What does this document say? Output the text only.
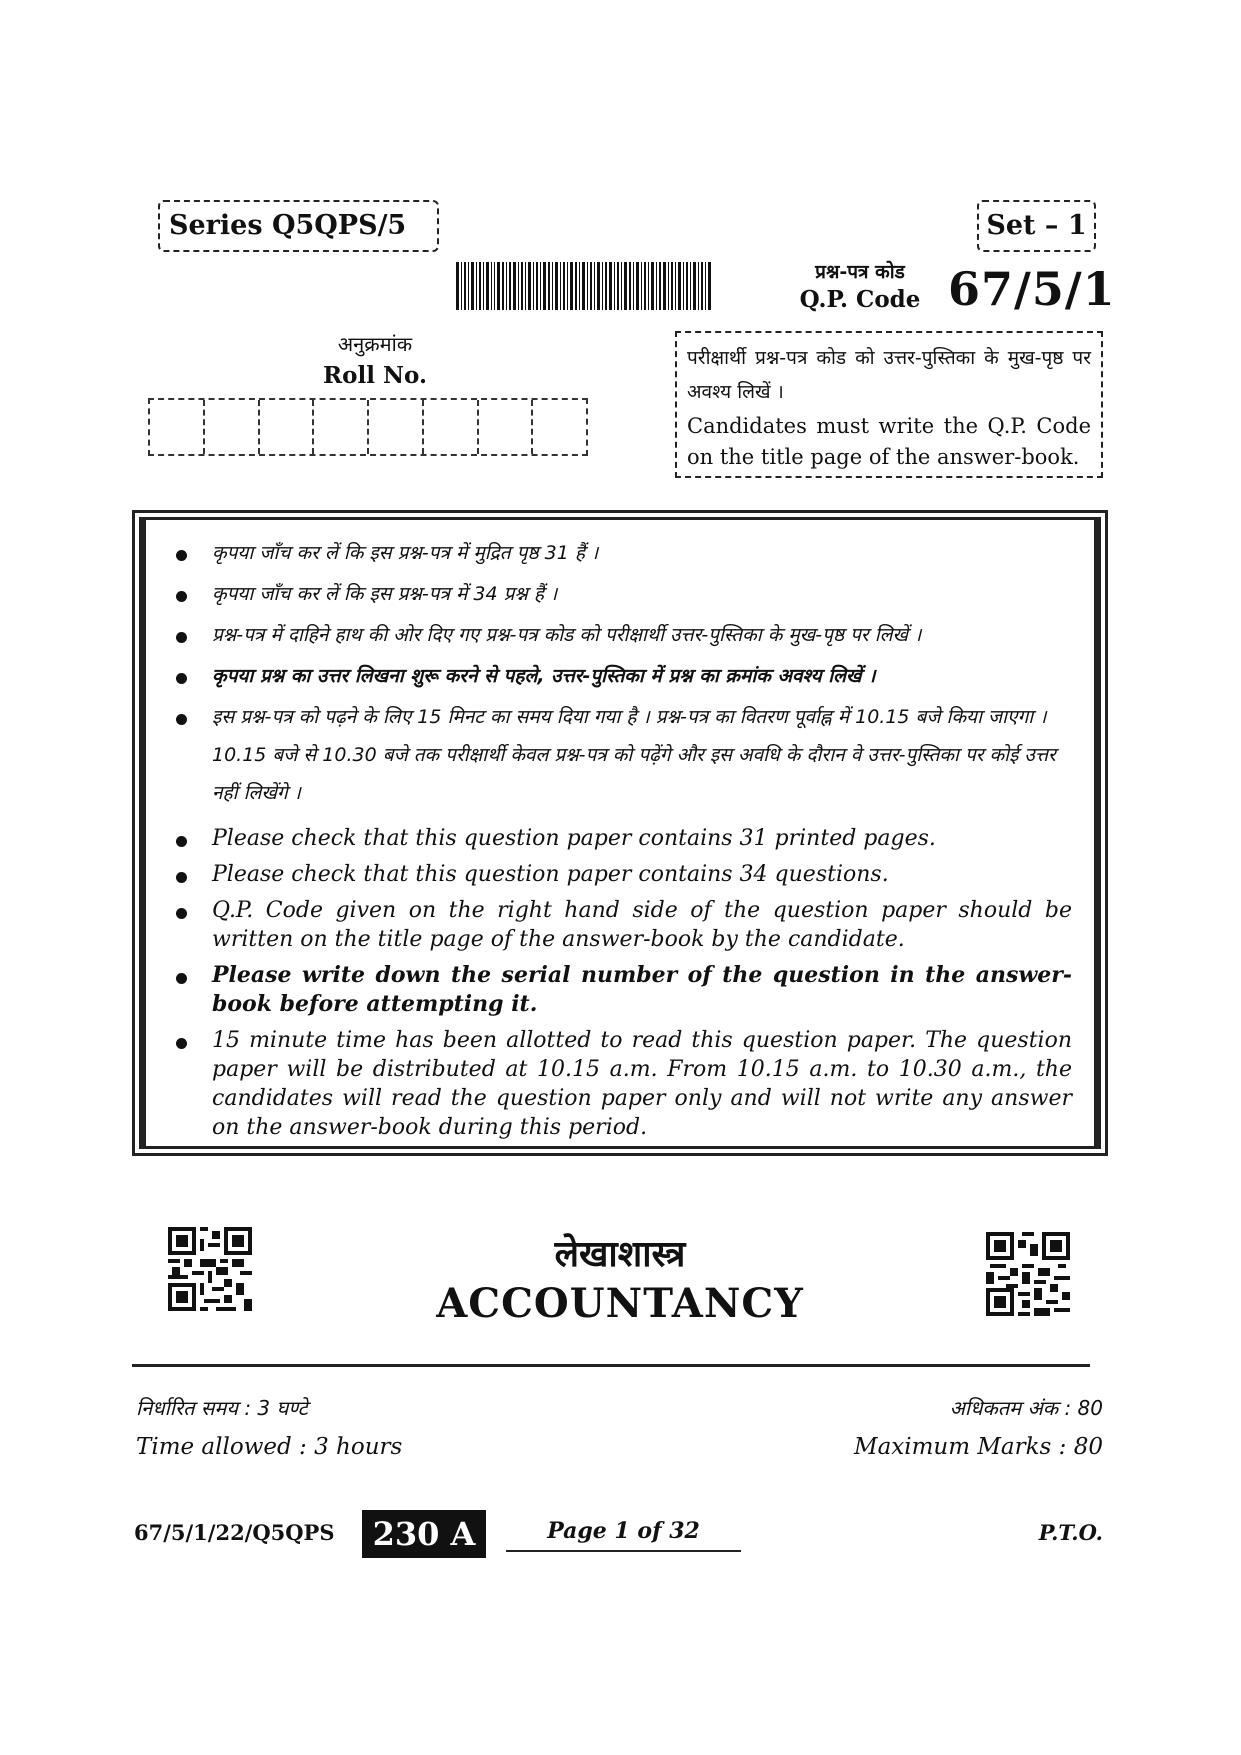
Series Q5QPS/5	Set – 1
प्रश्न-पत्र कोड
Q.P. Code 67/5/1
अनुक्रमांक
Roll No.
परीक्षार्थी प्रश्न-पत्र कोड को उत्तर-पुस्तिका के मुख-पृष्ठ पर अवश्य लिखें ।
Candidates must write the Q.P. Code on the title page of the answer-book.
कृपया जाँच कर लें कि इस प्रश्न-पत्र में मुद्रित पृष्ठ 31 हैं ।
कृपया जाँच कर लें कि इस प्रश्न-पत्र में 34 प्रश्न हैं ।
प्रश्न-पत्र में दाहिने हाथ की ओर दिए गए प्रश्न-पत्र कोड को परीक्षार्थी उत्तर-पुस्तिका के मुख-पृष्ठ पर लिखें ।
कृपया प्रश्न का उत्तर लिखना शुरू करने से पहले, उत्तर-पुस्तिका में प्रश्न का क्रमांक अवश्य लिखें ।
इस प्रश्न-पत्र को पढ़ने के लिए 15 मिनट का समय दिया गया है । प्रश्न-पत्र का वितरण पूर्वाह्न में 10.15 बजे किया जाएगा । 10.15 बजे से 10.30 बजे तक परीक्षार्थी केवल प्रश्न-पत्र को पढ़ेंगे और इस अवधि के दौरान वे उत्तर-पुस्तिका पर कोई उत्तर नहीं लिखेंगे ।
Please check that this question paper contains 31 printed pages.
Please check that this question paper contains 34 questions.
Q.P. Code given on the right hand side of the question paper should be written on the title page of the answer-book by the candidate.
Please write down the serial number of the question in the answer-book before attempting it.
15 minute time has been allotted to read this question paper. The question paper will be distributed at 10.15 a.m. From 10.15 a.m. to 10.30 a.m., the candidates will read the question paper only and will not write any answer on the answer-book during this period.
लेखाशास्त्र
ACCOUNTANCY
निर्धारित समय : 3 घण्टे
Time allowed : 3 hours
अधिकतम अंक : 80
Maximum Marks : 80
67/5/1/22/Q5QPS	230 A	Page 1 of 32	P.T.O.
